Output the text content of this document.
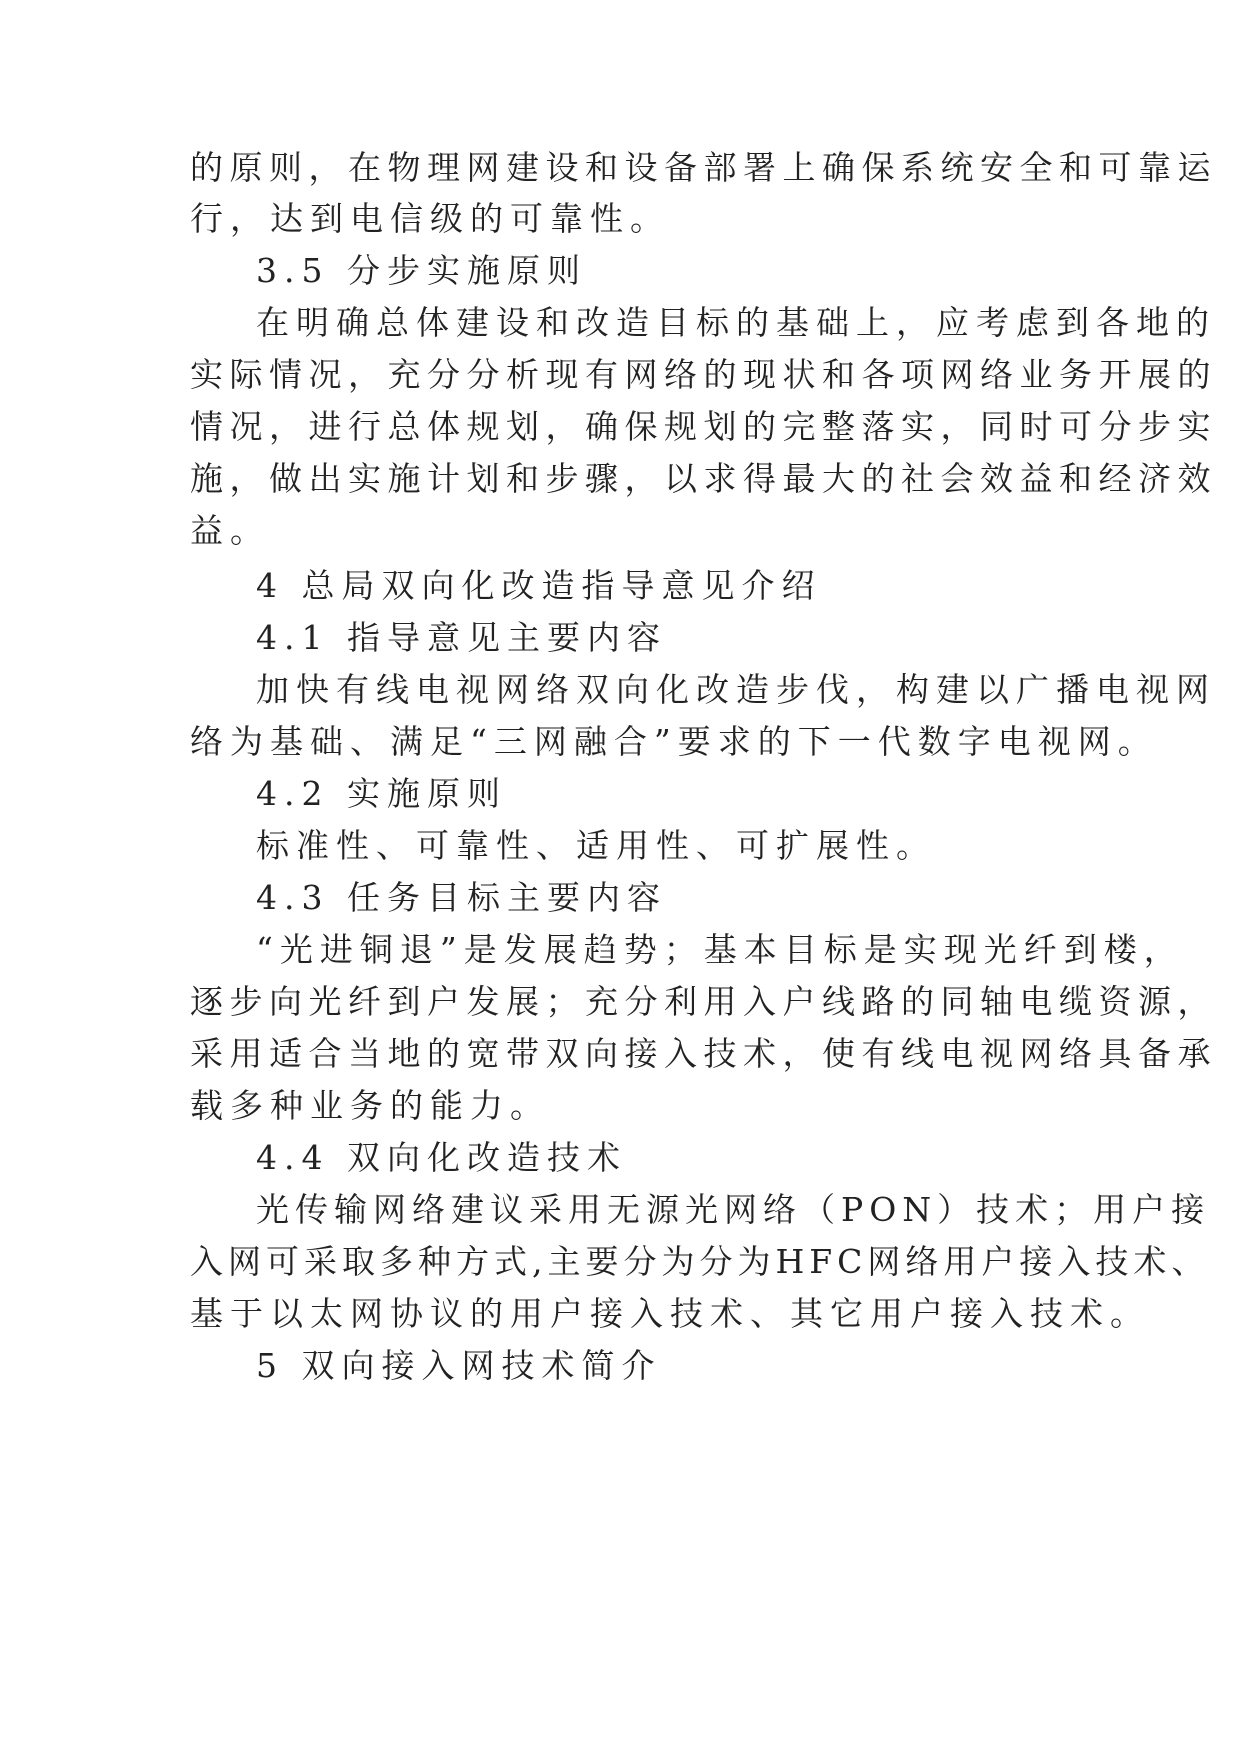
的原则，在物理网建设和设备部署上确保系统安全和可靠运
行，达到电信级的可靠性。
3.5 分步实施原则
在明确总体建设和改造目标的基础上，应考虑到各地的
实际情况，充分分析现有网络的现状和各项网络业务开展的
情况，进行总体规划，确保规划的完整落实，同时可分步实
施，做出实施计划和步骤，以求得最大的社会效益和经济效
益。
4 总局双向化改造指导意见介绍
4.1 指导意见主要内容
加快有线电视网络双向化改造步伐，构建以广播电视网
络为基础、满足“三网融合”要求的下一代数字电视网。
4.2 实施原则
标准性、可靠性、适用性、可扩展性。
4.3 任务目标主要内容
“光进铜退”是发展趋势；基本目标是实现光纤到楼，
逐步向光纤到户发展；充分利用入户线路的同轴电缆资源，
采用适合当地的宽带双向接入技术，使有线电视网络具备承
载多种业务的能力。
4.4 双向化改造技术
光传输网络建议采用无源光网络（PON）技术；用户接
入网可采取多种方式,主要分为分为HFC网络用户接入技术、
基于以太网协议的用户接入技术、其它用户接入技术。
5 双向接入网技术简介
